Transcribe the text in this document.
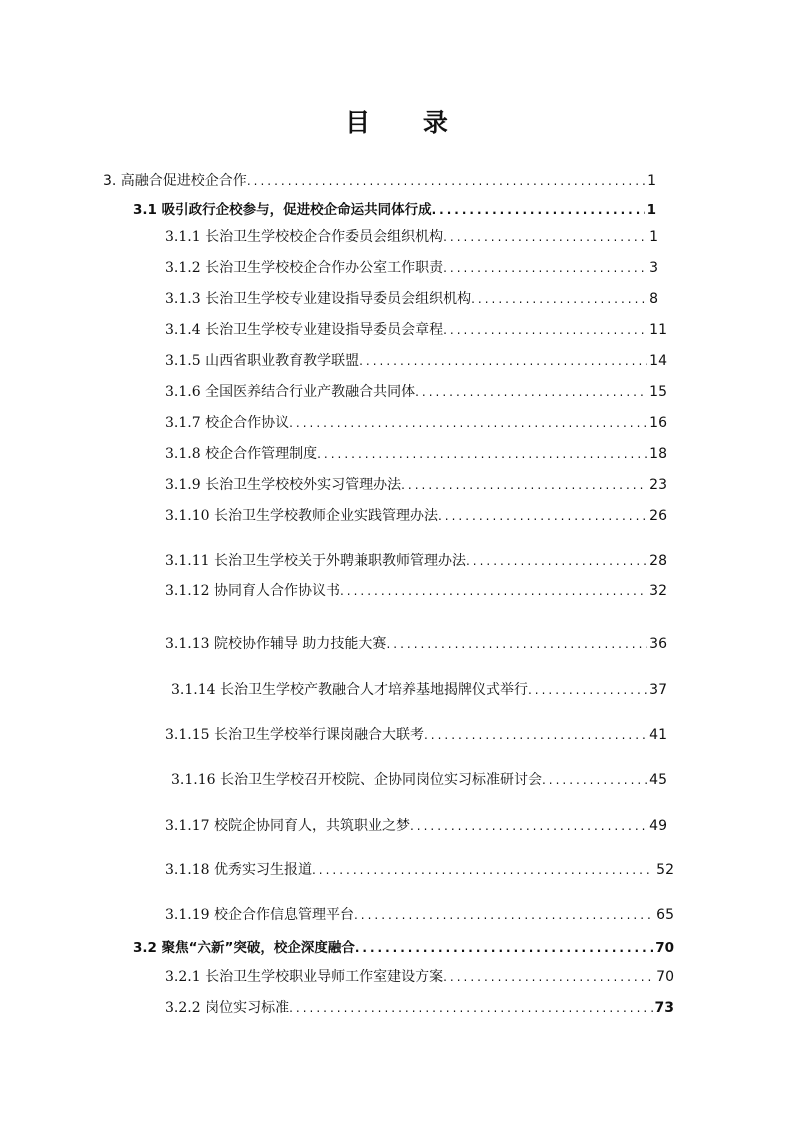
目 录
3. 高融合促进校企合作 .....	1
3.1 吸引政行企校参与，促进校企命运共同体行成 .....	1
3.1.1 长治卫生学校校企合作委员会组织机构 .....	1
3.1.2 长治卫生学校校企合作办公室工作职责 .....	3
3.1.3 长治卫生学校专业建设指导委员会组织机构 .....	8
3.1.4 长治卫生学校专业建设指导委员会章程 .....	11
3.1.5 山西省职业教育教学联盟 .....	14
3.1.6 全国医养结合行业产教融合共同体 .....	15
3.1.7 校企合作协议 .....	16
3.1.8 校企合作管理制度 .....	18
3.1.9 长治卫生学校校外实习管理办法 .....	23
3.1.10 长治卫生学校教师企业实践管理办法 .....	26
3.1.11 长治卫生学校关于外聘兼职教师管理办法 .....	28
3.1.12 协同育人合作协议书 .....	32
3.1.13 院校协作辅导 助力技能大赛 .....	36
3.1.14 长治卫生学校产教融合人才培养基地揭牌仪式举行 .....	37
3.1.15 长治卫生学校举行课岗融合大联考 .....	41
3.1.16 长治卫生学校召开校院、企协同岗位实习标准研讨会 .....	45
3.1.17 校院企协同育人，共筑职业之梦 .....	49
3.1.18 优秀实习生报道 .....	52
3.1.19 校企合作信息管理平台 .....	65
3.2 聚焦“六新”突破，校企深度融合 .....	70
3.2.1 长治卫生学校职业导师工作室建设方案 .....	70
3.2.2 岗位实习标准 .....	73
